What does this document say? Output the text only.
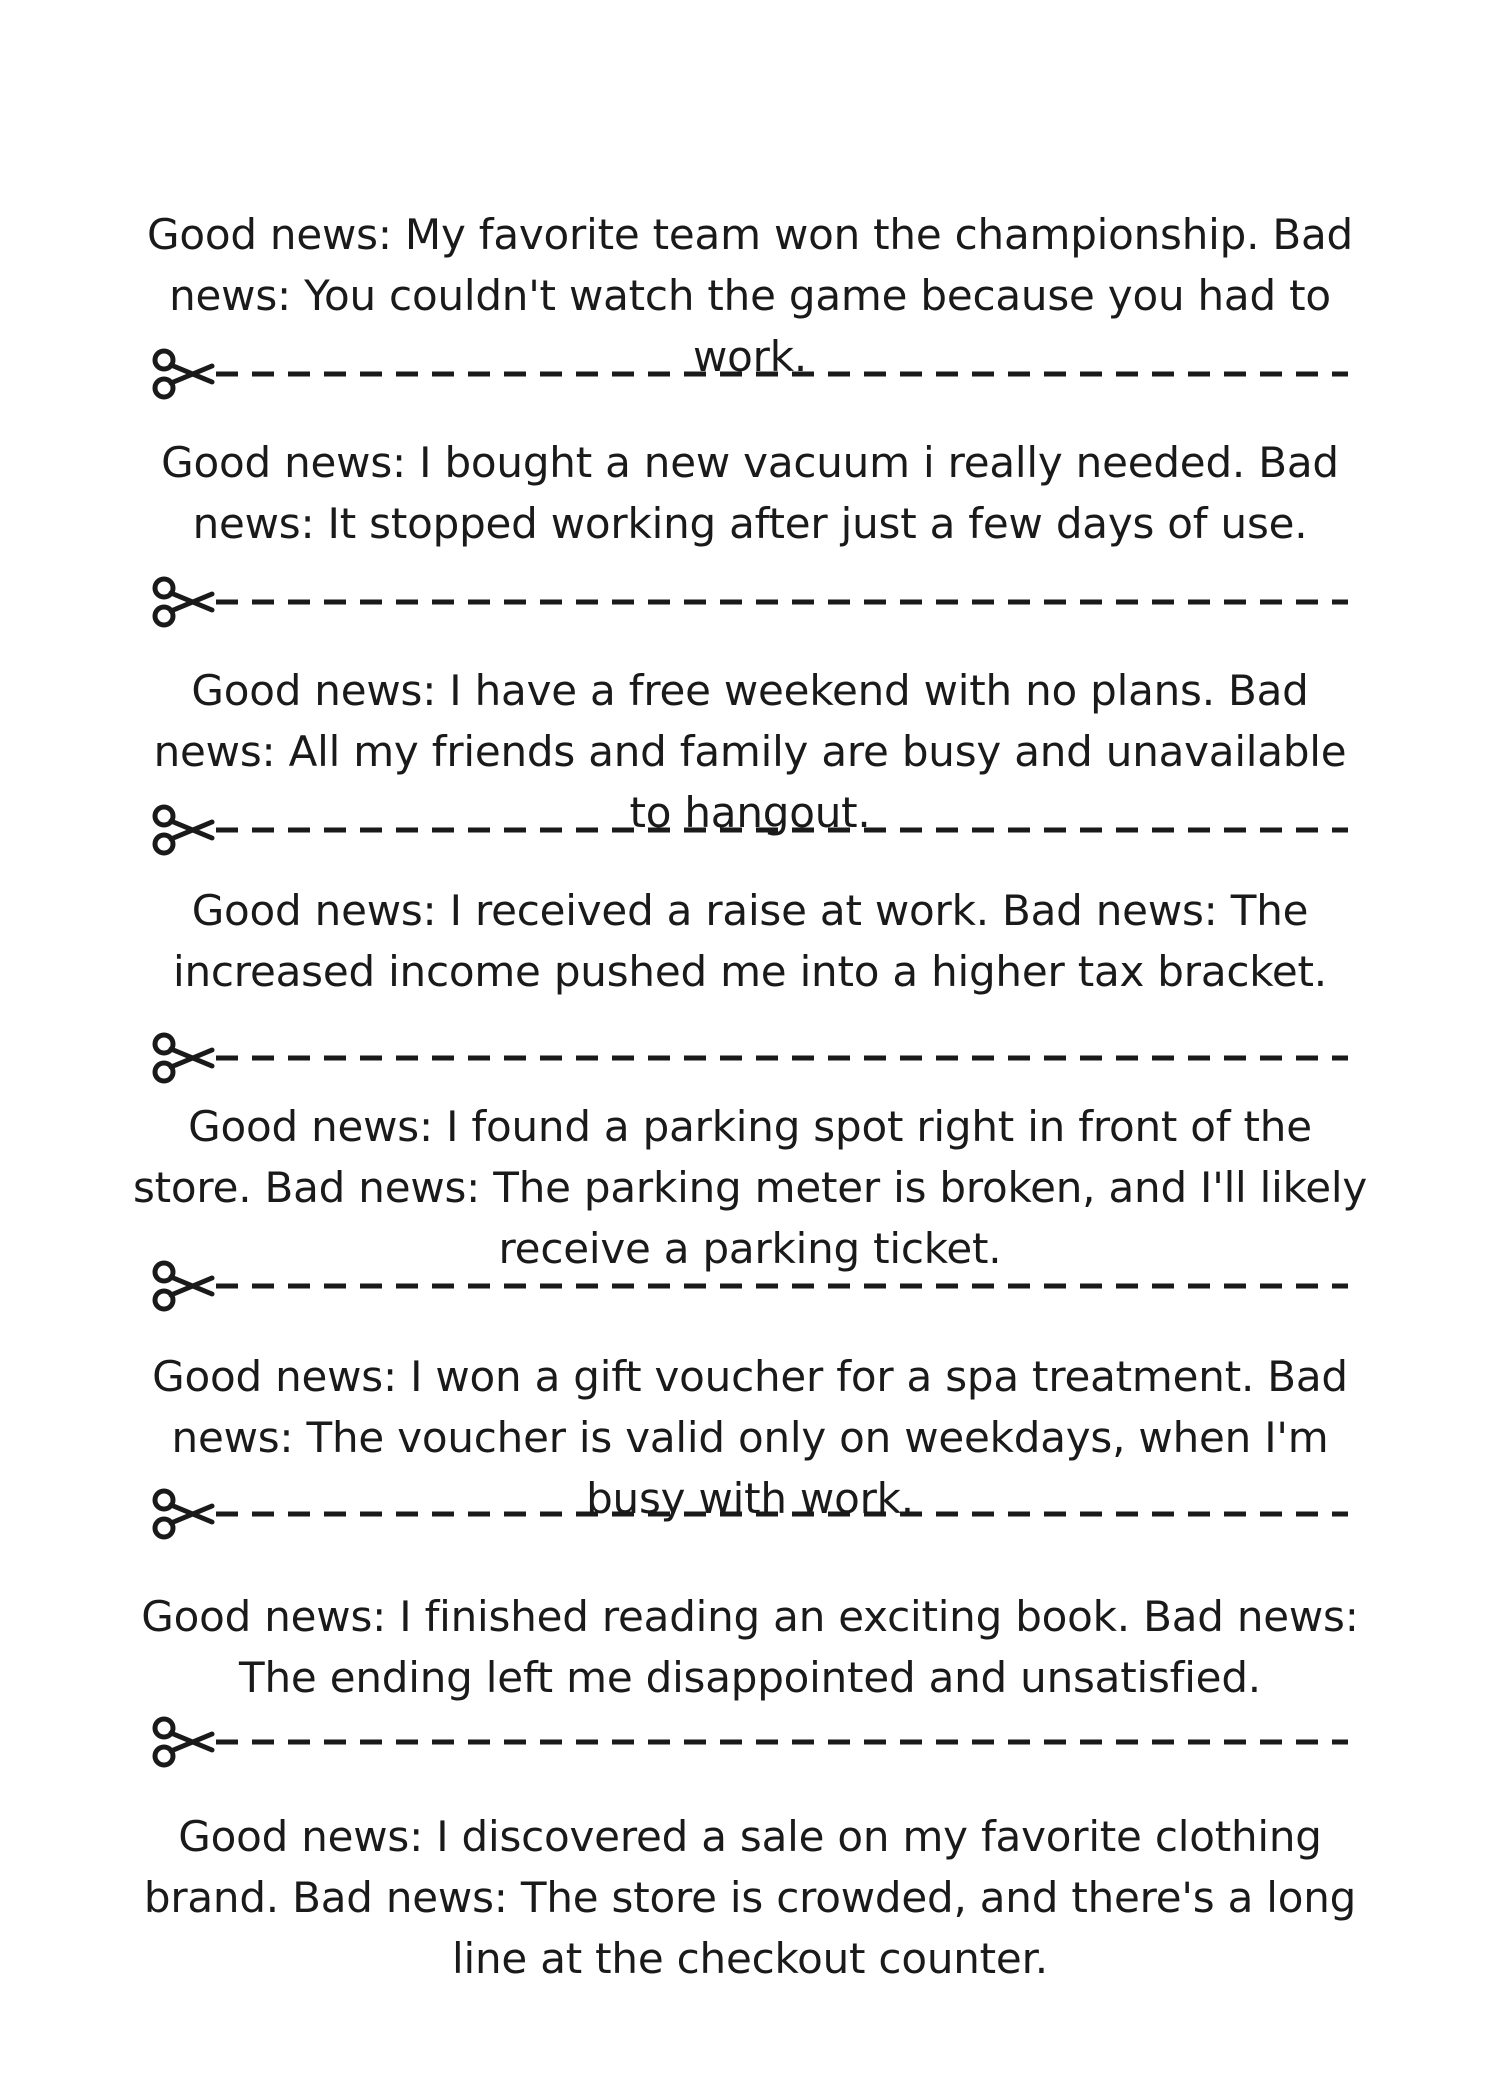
Good news: My favorite team won the championship. Bad news: You couldn't watch the game because you had to work.
Good news: I bought a new vacuum i really needed. Bad news: It stopped working after just a few days of use.
Good news: I have a free weekend with no plans. Bad news: All my friends and family are busy and unavailable to hangout.
Good news: I received a raise at work. Bad news: The increased income pushed me into a higher tax bracket.
Good news: I found a parking spot right in front of the store. Bad news: The parking meter is broken, and I'll likely receive a parking ticket.
Good news: I won a gift voucher for a spa treatment. Bad news: The voucher is valid only on weekdays, when I'm busy with work.
Good news: I finished reading an exciting book. Bad news: The ending left me disappointed and unsatisfied.
Good news: I discovered a sale on my favorite clothing brand. Bad news: The store is crowded, and there's a long line at the checkout counter.
